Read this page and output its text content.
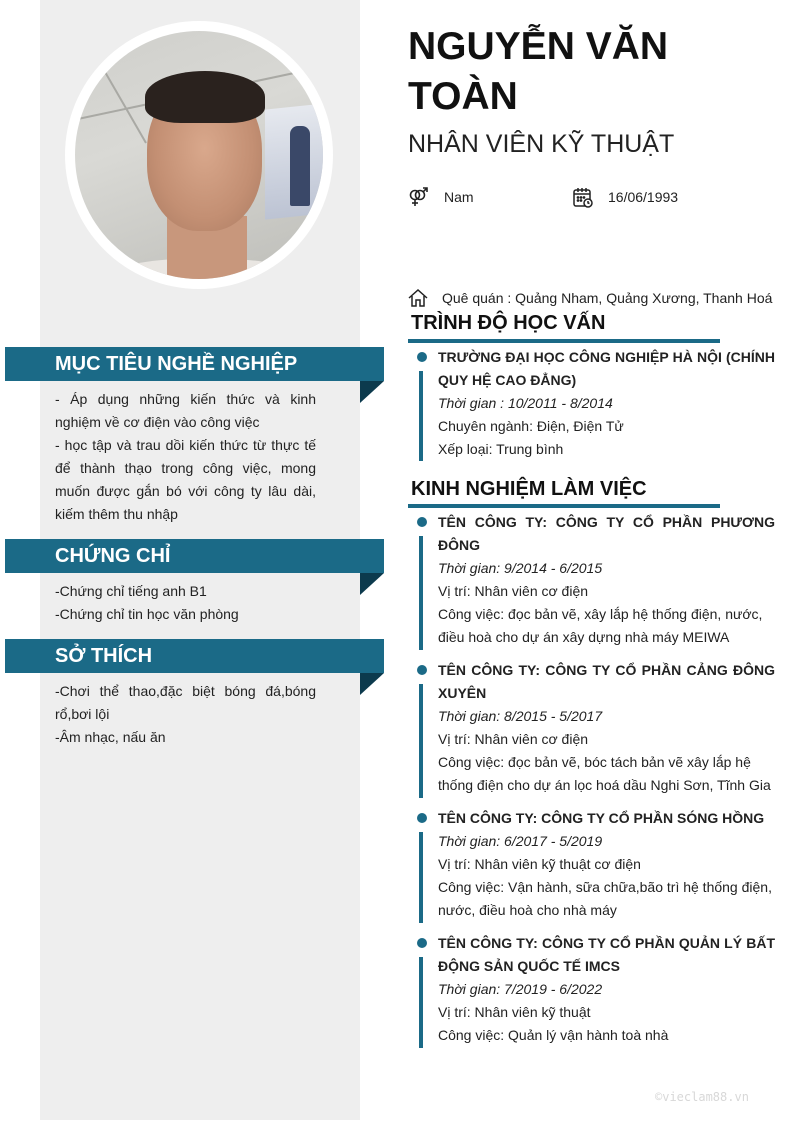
NGUYỄN VĂN TOÀN
NHÂN VIÊN KỸ THUẬT
Nam	16/06/1993
Quê quán : Quảng Nham, Quảng Xương, Thanh Hoá
MỤC TIÊU NGHỀ NGHIỆP
- Áp dụng những kiến thức và kinh nghiệm về cơ điện vào công việc
- học tập và trau dồi kiến thức từ thực tế để thành thạo trong công việc, mong muốn được gắn bó với công ty lâu dài, kiếm thêm thu nhập
CHỨNG CHỈ
-Chứng chỉ tiếng anh B1
-Chứng chỉ tin học văn phòng
SỞ THÍCH
-Chơi thể thao,đặc biệt bóng đá,bóng rổ,bơi lội
-Âm nhạc, nấu ăn
TRÌNH ĐỘ HỌC VẤN
TRƯỜNG ĐẠI HỌC CÔNG NGHIỆP HÀ NỘI (CHÍNH QUY HỆ CAO ĐẲNG)
Thời gian : 10/2011 - 8/2014
Chuyên ngành: Điện, Điện Tử
Xếp loại: Trung bình
KINH NGHIỆM LÀM VIỆC
TÊN CÔNG TY: CÔNG TY CỔ PHẦN PHƯƠNG ĐÔNG
Thời gian: 9/2014 - 6/2015
Vị trí: Nhân viên cơ điện
Công việc: đọc bản vẽ, xây lắp hệ thống điện, nước, điều hoà cho dự án xây dựng nhà máy MEIWA
TÊN CÔNG TY: CÔNG TY CỔ PHẦN CẢNG ĐÔNG XUYÊN
Thời gian: 8/2015 - 5/2017
Vị trí: Nhân viên cơ điện
Công việc: đọc bản vẽ, bóc tách bản vẽ xây lắp hệ thống điện cho dự án lọc hoá dầu Nghi Sơn, Tĩnh Gia
TÊN CÔNG TY: CÔNG TY CỔ PHẦN SÓNG HỒNG
Thời gian: 6/2017 - 5/2019
Vị trí: Nhân viên kỹ thuật cơ điện
Công việc: Vận hành, sữa chữa,bão trì hệ thống điện, nước, điều hoà cho nhà máy
TÊN CÔNG TY: CÔNG TY CỔ PHẦN QUẢN LÝ BẤT ĐỘNG SẢN QUỐC TẾ IMCS
Thời gian: 7/2019 - 6/2022
Vị trí: Nhân viên kỹ thuật
Công việc: Quản lý vận hành toà nhà
©vieclam88.vn
